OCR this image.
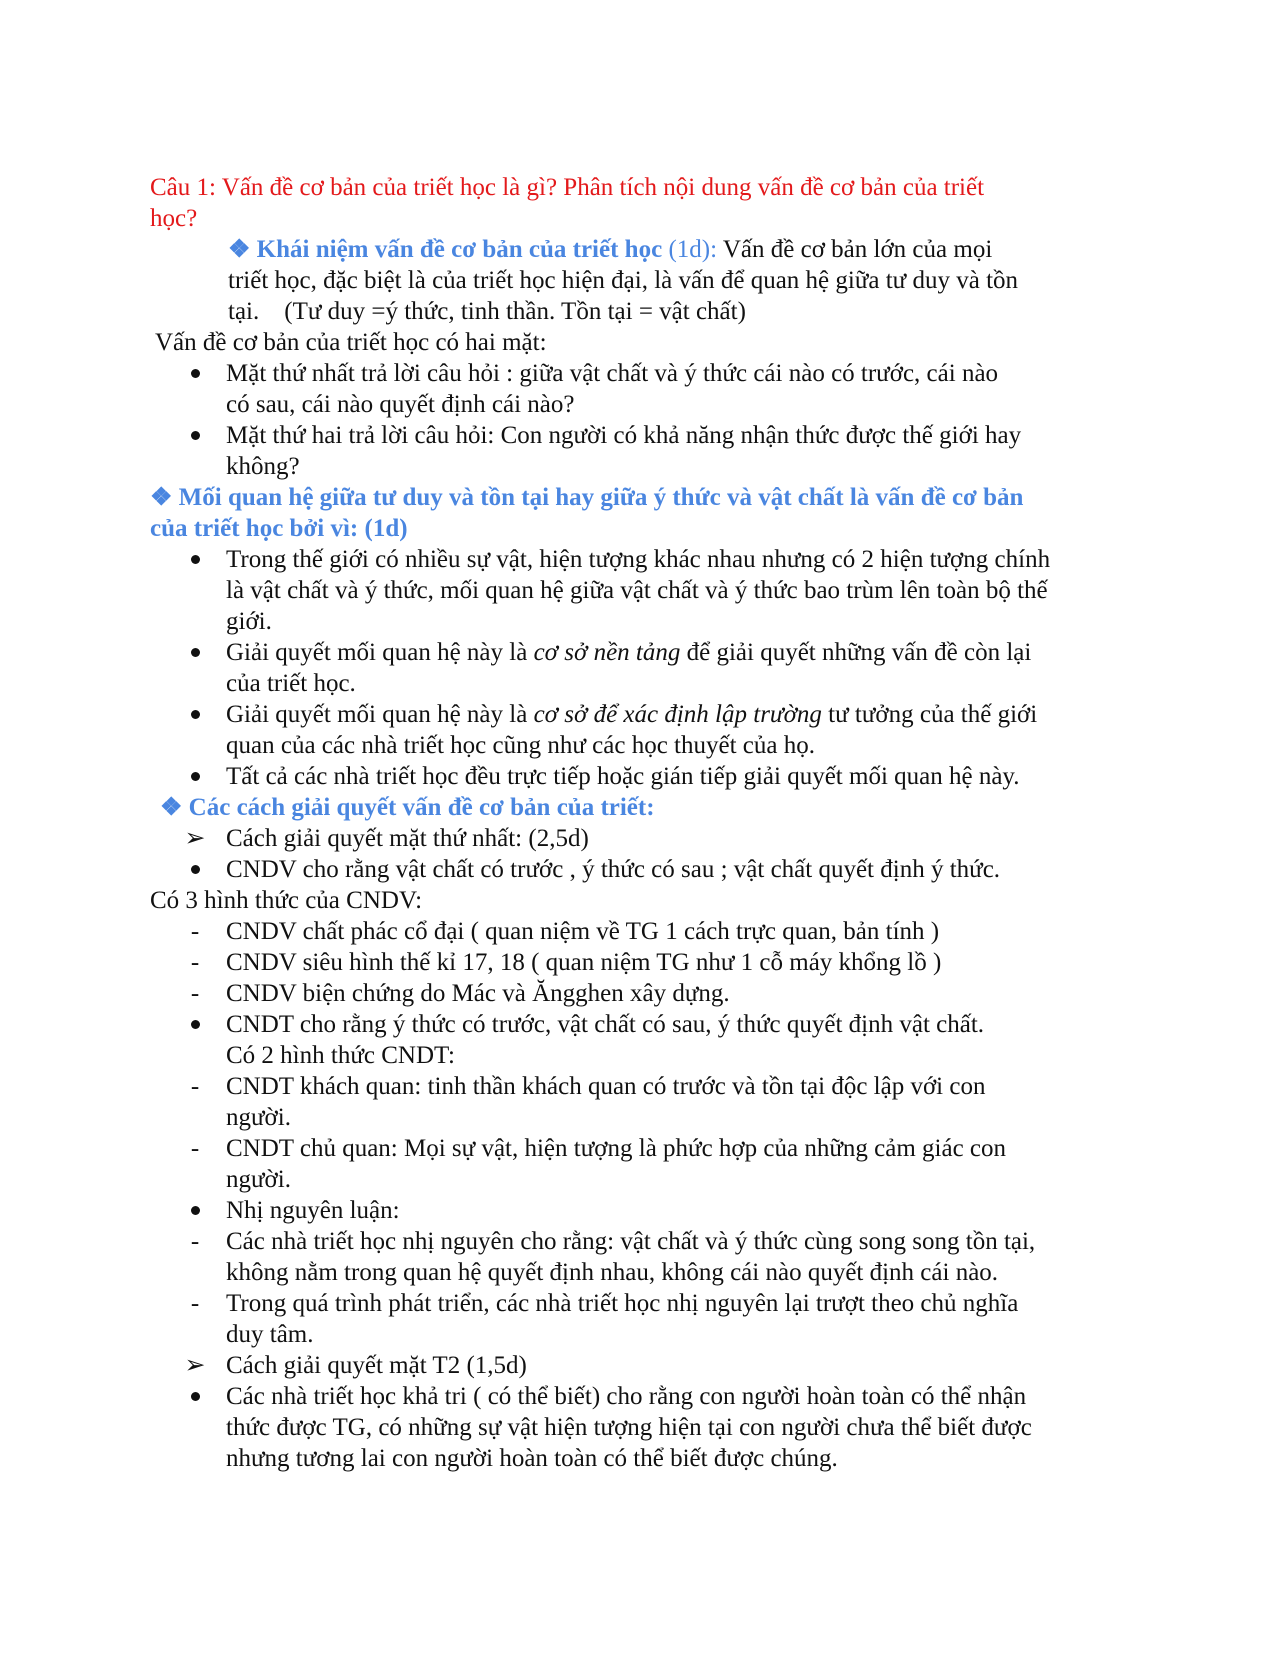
Câu 1: Vấn đề cơ bản của triết học là gì? Phân tích nội dung vấn đề cơ bản của triết
học?
❖ Khái niệm vấn đề cơ bản của triết học (1d): Vấn đề cơ bản lớn của mọi
triết học, đặc biệt là của triết học hiện đại, là vấn để quan hệ giữa tư duy và tồn
tại.    (Tư duy =ý thức, tinh thần. Tồn tại = vật chất)
Vấn đề cơ bản của triết học có hai mặt:
Mặt thứ nhất trả lời câu hỏi : giữa vật chất và ý thức cái nào có trước, cái nào
có sau, cái nào quyết định cái nào?
Mặt thứ hai trả lời câu hỏi: Con người có khả năng nhận thức được thế giới hay
không?
❖ Mối quan hệ giữa tư duy và tồn tại hay giữa ý thức và vật chất là vấn đề cơ bản
của triết học bởi vì: (1d)
Trong thế giới có nhiều sự vật, hiện tượng khác nhau nhưng có 2 hiện tượng chính
là vật chất và ý thức, mối quan hệ giữa vật chất và ý thức bao trùm lên toàn bộ thế
giới.
Giải quyết mối quan hệ này là cơ sở nền tảng để giải quyết những vấn đề còn lại
của triết học.
Giải quyết mối quan hệ này là cơ sở để xác định lập trường tư tưởng của thế giới
quan của các nhà triết học cũng như các học thuyết của họ.
Tất cả các nhà triết học đều trực tiếp hoặc gián tiếp giải quyết mối quan hệ này.
❖ Các cách giải quyết vấn đề cơ bản của triết:
➢ Cách giải quyết mặt thứ nhất: (2,5d)
CNDV cho rằng vật chất có trước , ý thức có sau ; vật chất quyết định ý thức.
Có 3 hình thức của CNDV:
-	CNDV chất phác cổ đại ( quan niệm về TG 1 cách trực quan, bản tính )
-	CNDV siêu hình thế kỉ 17, 18 ( quan niệm TG như 1 cỗ máy khổng lồ )
-	CNDV biện chứng do Mác và Ăngghen xây dựng.
CNDT cho rằng ý thức có trước, vật chất có sau, ý thức quyết định vật chất.
Có 2 hình thức CNDT:
-	CNDT khách quan: tinh thần khách quan có trước và tồn tại độc lập với con
người.
-	CNDT chủ quan: Mọi sự vật, hiện tượng là phức hợp của những cảm giác con
người.
Nhị nguyên luận:
-	Các nhà triết học nhị nguyên cho rằng: vật chất và ý thức cùng song song tồn tại,
không nằm trong quan hệ quyết định nhau, không cái nào quyết định cái nào.
-	Trong quá trình phát triển, các nhà triết học nhị nguyên lại trượt theo chủ nghĩa
duy tâm.
➢ Cách giải quyết mặt T2 (1,5d)
Các nhà triết học khả tri ( có thể biết) cho rằng con người hoàn toàn có thể nhận
thức được TG, có những sự vật hiện tượng hiện tại con người chưa thể biết được
nhưng tương lai con người hoàn toàn có thể biết được chúng.
